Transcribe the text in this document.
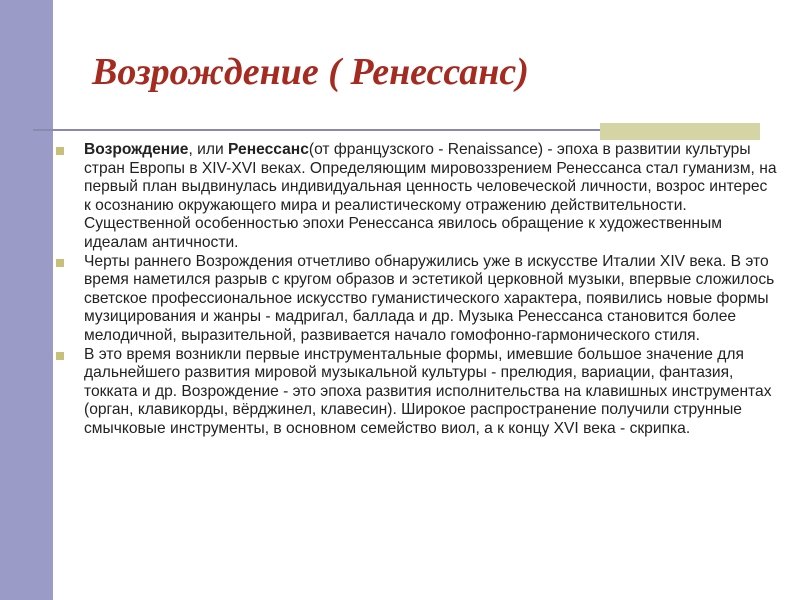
Возрождение ( Ренессанс)

Возрождение, или Ренессанс(от французского - Renaissance) - эпоха в развитии культуры стран Европы в XIV-XVI веках. Определяющим мировоззрением Ренессанса стал гуманизм, на первый план выдвинулась индивидуальная ценность человеческой личности, возрос интерес к осознанию окружающего мира и реалистическому отражению действительности. Существенной особенностью эпохи Ренессанса явилось обращение к художественным идеалам античности.

Черты раннего Возрождения отчетливо обнаружились уже в искусстве Италии XIV века. В это время наметился разрыв с кругом образов и эстетикой церковной музыки, впервые сложилось светское профессиональное искусство гуманистического характера, появились новые формы музицирования и жанры - мадригал, баллада и др. Музыка Ренессанса становится более мелодичной, выразительной, развивается начало гомофонно-гармонического стиля.

В это время возникли первые инструментальные формы, имевшие большое значение для дальнейшего развития мировой музыкальной культуры - прелюдия, вариации, фантазия, токката и др. Возрождение - это эпоха развития исполнительства на клавишных инструментах (орган, клавикорды, вёрджинел, клавесин). Широкое распространение получили струнные смычковые инструменты, в основном семейство виол, а к концу XVI века - скрипка.
